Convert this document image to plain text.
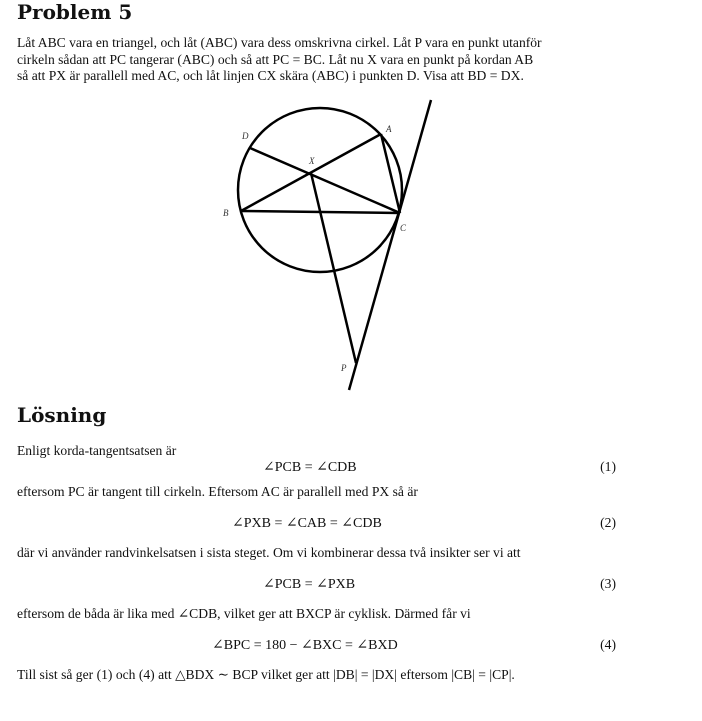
Problem 5
Låt ABC vara en triangel, och låt (ABC) vara dess omskrivna cirkel. Låt P vara en punkt utanför
cirkeln sådan att PC tangerar (ABC) och så att PC = BC. Låt nu X vara en punkt på kordan AB
så att PX är parallell med AC, och låt linjen CX skära (ABC) i punkten D. Visa att BD = DX.
D
A
X
B
C
P
Lösning
Enligt korda-tangentsatsen är
∠PCB = ∠CDB	(1)
eftersom PC är tangent till cirkeln. Eftersom AC är parallell med PX så är
∠PXB = ∠CAB = ∠CDB	(2)
där vi använder randvinkelsatsen i sista steget. Om vi kombinerar dessa två insikter ser vi att
∠PCB = ∠PXB	(3)
eftersom de båda är lika med ∠CDB, vilket ger att BXCP är cyklisk. Därmed får vi
∠BPC = 180 − ∠BXC = ∠BXD	(4)
Till sist så ger (1) och (4) att △BDX ∼ BCP vilket ger att |DB| = |DX| eftersom |CB| = |CP|.
